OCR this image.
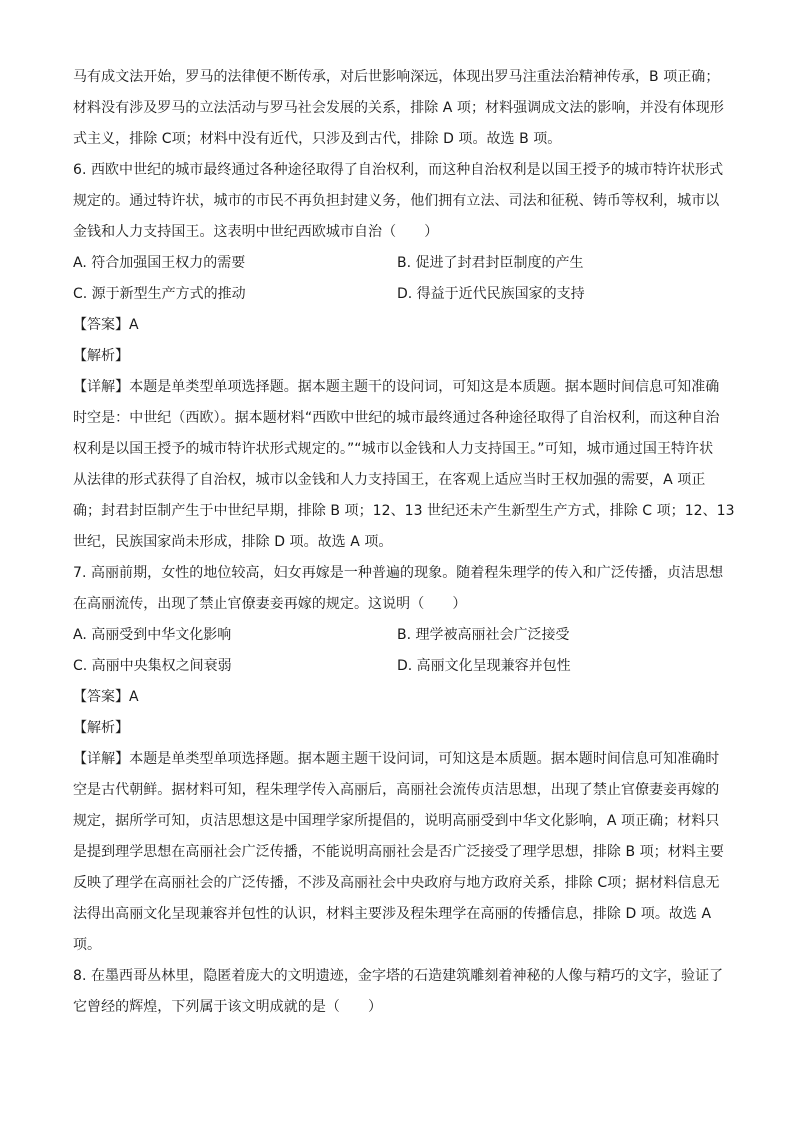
马有成文法开始，罗马的法律便不断传承，对后世影响深远，体现出罗马注重法治精神传承，B 项正确；
材料没有涉及罗马的立法活动与罗马社会发展的关系，排除 A 项；材料强调成文法的影响，并没有体现形
式主义，排除 C项；材料中没有近代，只涉及到古代，排除 D 项。故选 B 项。
6. 西欧中世纪的城市最终通过各种途径取得了自治权利，而这种自治权利是以国王授予的城市特许状形式
规定的。通过特许状，城市的市民不再负担封建义务，他们拥有立法、司法和征税、铸币等权利，城市以
金钱和人力支持国王。这表明中世纪西欧城市自治（　　）
A. 符合加强国王权力的需要	B. 促进了封君封臣制度的产生
C. 源于新型生产方式的推动	D. 得益于近代民族国家的支持
【答案】A
【解析】
【详解】本题是单类型单项选择题。据本题主题干的设问词，可知这是本质题。据本题时间信息可知准确
时空是：中世纪（西欧）。据本题材料“西欧中世纪的城市最终通过各种途径取得了自治权利，而这种自治
权利是以国王授予的城市特许状形式规定的。”“城市以金钱和人力支持国王。”可知，城市通过国王特许状
从法律的形式获得了自治权，城市以金钱和人力支持国王，在客观上适应当时王权加强的需要，A 项正
确；封君封臣制产生于中世纪早期，排除 B 项；12、13 世纪还未产生新型生产方式，排除 C 项；12、13
世纪，民族国家尚未形成，排除 D 项。故选 A 项。
7. 高丽前期，女性的地位较高，妇女再嫁是一种普遍的现象。随着程朱理学的传入和广泛传播，贞洁思想
在高丽流传，出现了禁止官僚妻妾再嫁的规定。这说明（　　）
A. 高丽受到中华文化影响	B. 理学被高丽社会广泛接受
C. 高丽中央集权之间衰弱	D. 高丽文化呈现兼容并包性
【答案】A
【解析】
【详解】本题是单类型单项选择题。据本题主题干设问词，可知这是本质题。据本题时间信息可知准确时
空是古代朝鲜。据材料可知，程朱理学传入高丽后，高丽社会流传贞洁思想，出现了禁止官僚妻妾再嫁的
规定，据所学可知，贞洁思想这是中国理学家所提倡的，说明高丽受到中华文化影响，A 项正确；材料只
是提到理学思想在高丽社会广泛传播，不能说明高丽社会是否广泛接受了理学思想，排除 B 项；材料主要
反映了理学在高丽社会的广泛传播，不涉及高丽社会中央政府与地方政府关系，排除 C项；据材料信息无
法得出高丽文化呈现兼容并包性的认识，材料主要涉及程朱理学在高丽的传播信息，排除 D 项。故选 A
项。
8. 在墨西哥丛林里，隐匿着庞大的文明遗迹，金字塔的石造建筑雕刻着神秘的人像与精巧的文字，验证了
它曾经的辉煌，下列属于该文明成就的是（　　）
